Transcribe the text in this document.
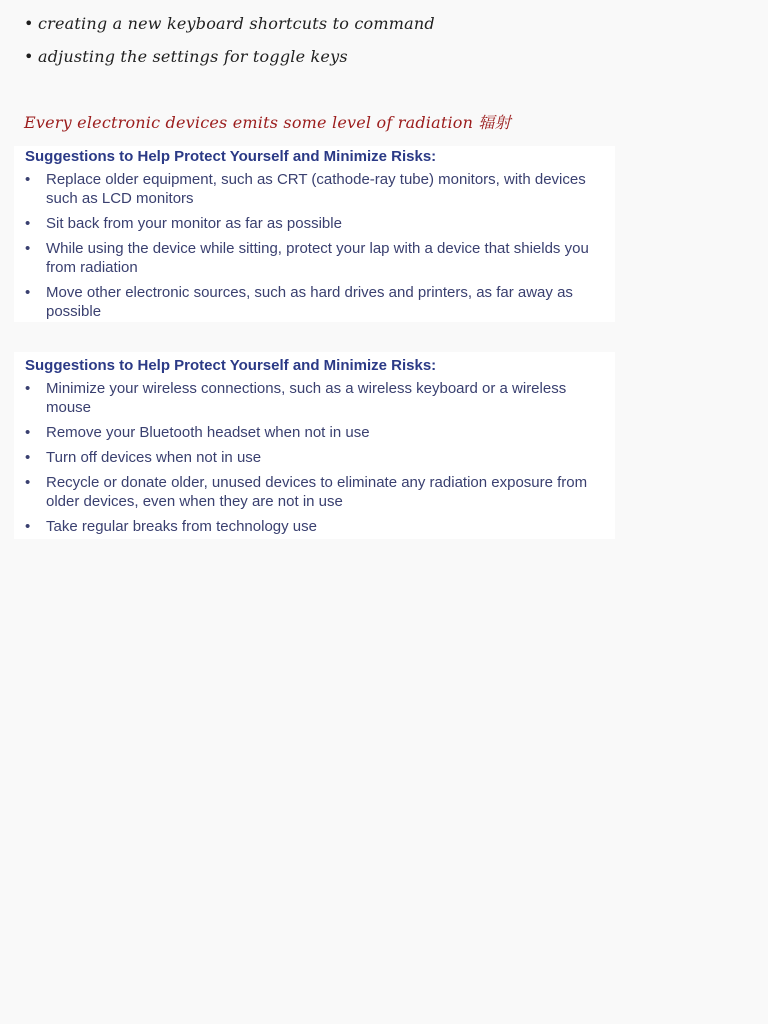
• creating a new keyboard shortcuts to command
• adjusting the settings for toggle keys
Every electronic devices emits some level of radiation 辐射
Suggestions to Help Protect Yourself and Minimize Risks:
•	Replace older equipment, such as CRT (cathode-ray tube) monitors, with devices such as LCD monitors
•	Sit back from your monitor as far as possible
•	While using the device while sitting, protect your lap with a device that shields you from radiation
•	Move other electronic sources, such as hard drives and printers, as far away as possible
Suggestions to Help Protect Yourself and Minimize Risks:
•	Minimize your wireless connections, such as a wireless keyboard or a wireless mouse
•	Remove your Bluetooth headset when not in use
•	Turn off devices when not in use
•	Recycle or donate older, unused devices to eliminate any radiation exposure from older devices, even when they are not in use
•	Take regular breaks from technology use
